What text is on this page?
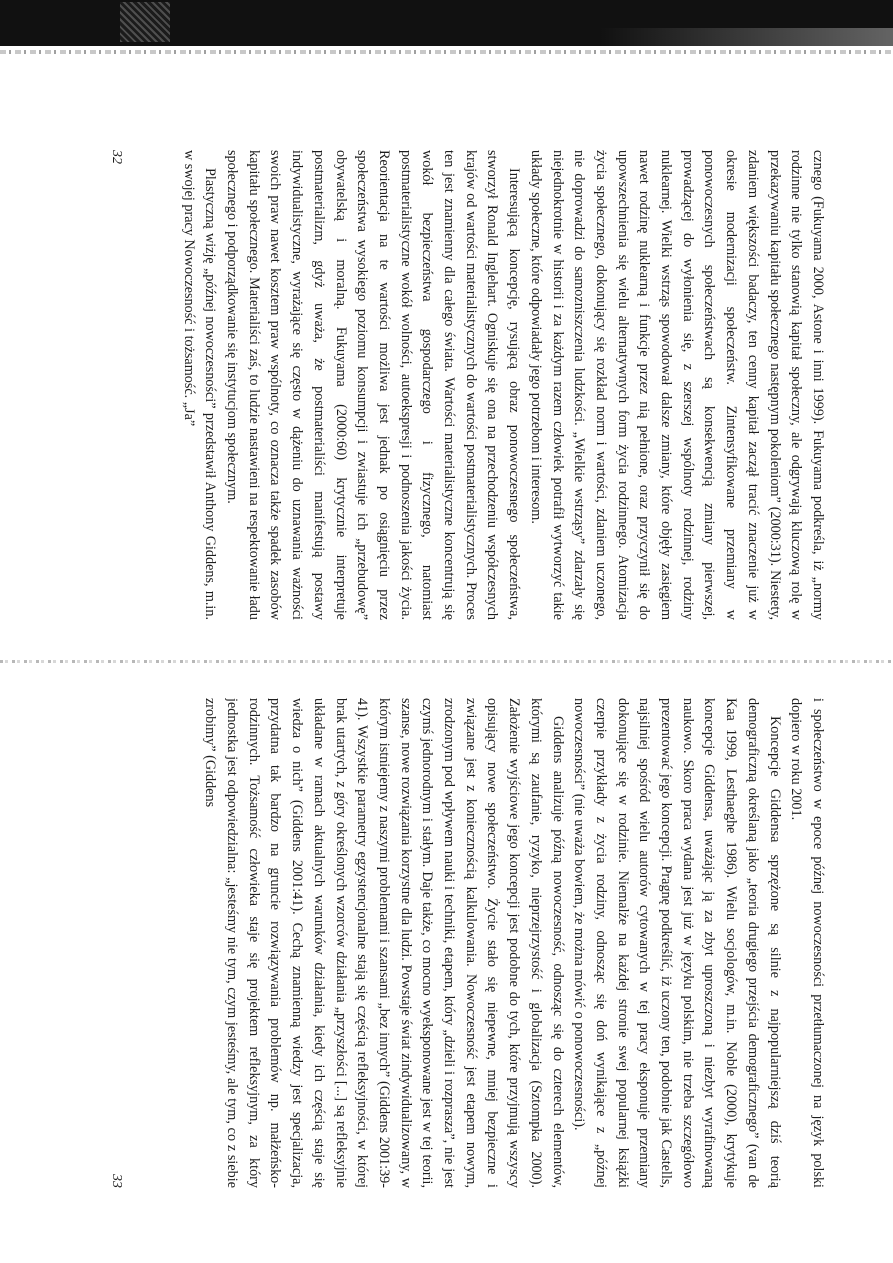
cznego (Fukuyama 2000, Astone i inni 1999). Fukuyama podkreśla, iż „normy rodzinne nie tylko stanowią kapitał społeczny, ale odgrywają kluczową rolę w przekazywaniu kapitału społecznego następnym pokoleniom” (2000:31). Niestety, zdaniem większości badaczy, ten cenny kapitał zaczął tracić znaczenie już w okresie modernizacji społeczeństw. Zintensyfikowane przemiany w ponowoczesnych społeczeństwach są konsekwencją zmiany pierwszej, prowadzącej do wyłonienia się, z szerszej wspólnoty rodzinnej, rodziny nuklearnej. Wielki wstrząs spowodował dalsze zmiany, które objęły zasięgiem nawet rodzinę nuklearną i funkcje przez nią pełnione, oraz przyczynił się do upowszechnienia się wielu alternatywnych form życia rodzinnego. Atomizacja życia społecznego, dokonujący się rozkład norm i wartości, zdaniem uczonego, nie doprowadzi do samozniszczenia ludzkości. „Wielkie wstrząsy” zdarzały się niejednokrotnie w historii i za każdym razem człowiek potrafił wytworzyć takie układy społeczne, które odpowiadały jego potrzebom i interesom.

Interesującą koncepcję, rysującą obraz ponowoczesnego społeczeństwa, stworzył Ronald Inglehart. Ogniskuje się ona na przechodzeniu współczesnych krajów od wartości materialistycznych do wartości postmaterialistycznych. Proces ten jest znamienny dla całego świata. Wartości materialistyczne koncentrują się wokół bezpieczeństwa gospodarczego i fizycznego, natomiast postmaterialistyczne wokół wolności, autoekspresji i podnoszenia jakości życia. Reorientacja na te wartości możliwa jest jednak po osiągnięciu przez społeczeństwa wysokiego poziomu konsumpcji i zwiastuje ich „przebudowę” obywatelską i moralną. Fukuyama (2000:60) krytycznie interpretuje postmaterializm, gdyż uważa, że postmaterialiści manifestują postawy indywidualistyczne, wyrażające się często w dążeniu do uznawania ważności swoich praw nawet kosztem praw wspólnoty, co oznacza także spadek zasobów kapitału społecznego. Materialiści zaś, to ludzie nastawieni na respektowanie ładu społecznego i podporządkowanie się instytucjom społecznym.

Plastyczną wizję „późnej nowoczesności” przedstawił Anthony Giddens, m.in. w swojej pracy Nowoczesność i tożsamość. „Ja”

32

i społeczeństwo w epoce późnej nowoczesności przetłumaczonej na język polski dopiero w roku 2001.

Koncepcje Giddensa sprzężone są silnie z najpopularniejszą dziś teorią demograficzną określaną jako „teoria drugiego przejścia demograficznego” (van de Kaa 1999, Lesthaeghe 1986). Wielu socjologów, m.in. Noble (2000), krytykuje koncepcje Giddensa, uważając ją za zbyt uproszczoną i niezbyt wyrafinowaną naukowo. Skoro praca wydana jest już w języku polskim, nie trzeba szczegółowo prezentować jego koncepcji. Pragnę podkreślić, iż uczony ten, podobnie jak Castells, najsilniej spośród wielu autorów cytowanych w tej pracy eksponuje przemiany dokonujące się w rodzinie. Niemalże na każdej stronie swej popularnej książki czerpie przykłady z życia rodziny, odnosząc się doń wynikające z „późnej nowoczesności” (nie uważa bowiem, że można mówić o ponowoczesności).

Giddens analizuje późną nowoczesność, odnosząc się do czterech elementów, którymi są zaufanie, ryzyko, nieprzejrzystość i globalizacja (Sztompka 2000). Założenie wyjściowe jego koncepcji jest podobne do tych, które przyjmują wszyscy opisujący nowe społeczeństwo. Życie stało się niepewne, mniej bezpieczne i związane jest z koniecznością kalkulowania. Nowoczesność jest etapem nowym, zrodzonym pod wpływem nauki i techniki, etapem, który „dzieli i rozpraszа”, nie jest czymś jednorodnym i stałym. Daje także, co mocno wyeksponowane jest w tej teorii, szanse, nowe rozwiązania korzystne dla ludzi. Powstaje świat zindywidualizowany, w którym istniejemy z naszymi problemami i szansami „bez innych” (Giddens 2001:39-41). Wszystkie parametry egzystencjonalne stają się częścią refleksyjności, w której brak utartych, z góry określonych wzorców działania „przyszłości [...] są refleksyjnie układane w ramach aktualnych warunków działania, kiedy ich częścią staje się wiedza o nich” (Giddens 2001:41). Cechą znamienną wiedzy jest specjalizacja, przydatna tak bardzo na gruncie rozwiązywania problemów np. małżeńsko-rodzinnych. Tożsamość człowieka staje się projektem refleksyjnym, za który jednostka jest odpowiedzialna: „jesteśmy nie tym, czym jesteśmy, ale tym, co z siebie zrobimy” (Giddens

33
